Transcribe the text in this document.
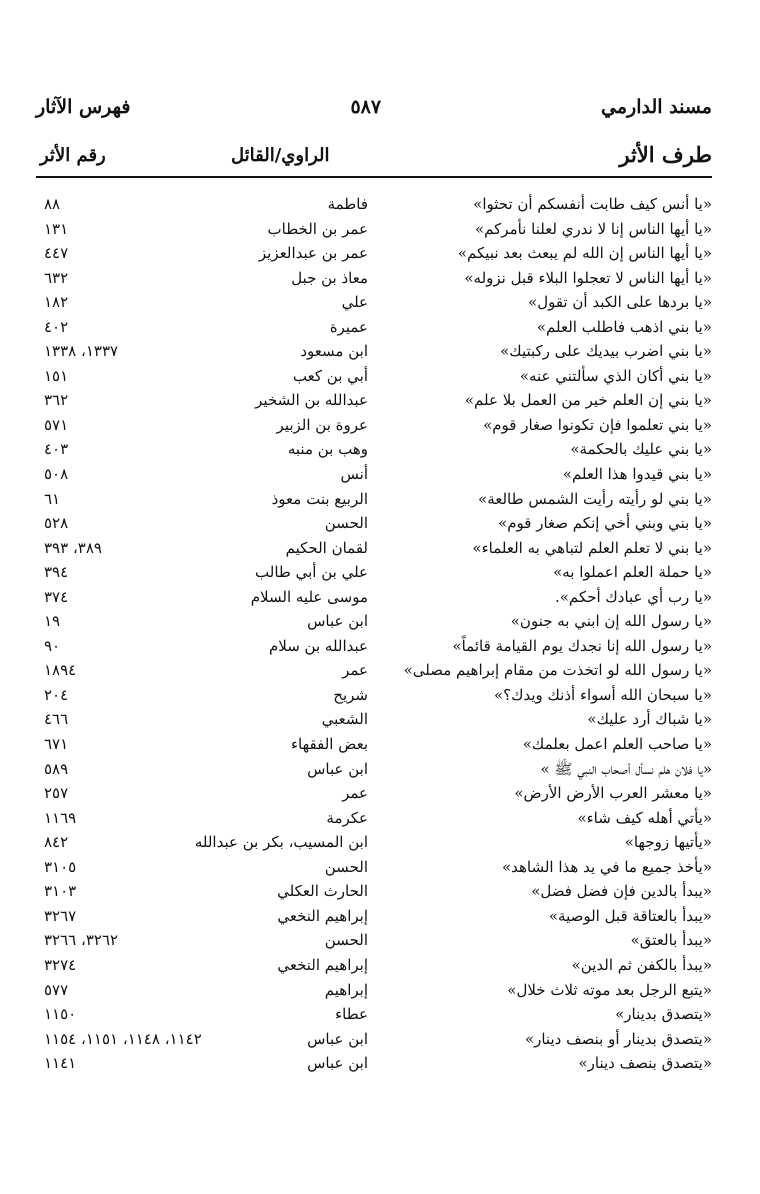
فهرس الآثار	٥٨٧	مسند الدارمي
طرف الأثر
الراوي/القائل
رقم الأثر
«يا أنس كيف طابت أنفسكم أن تحثوا»
فاطمة
٨٨
«يا أيها الناس إنا لا ندري لعلنا نأمركم»
عمر بن الخطاب
١٣١
«يا أيها الناس إن الله لم يبعث بعد نبيكم»
عمر بن عبدالعزيز
٤٤٧
«يا أيها الناس لا تعجلوا البلاء قبل نزوله»
معاذ بن جبل
٦٣٢
«يا بردها على الكبد أن تقول»
علي
١٨٢
«يا بني اذهب فاطلب العلم»
عميرة
٤٠٢
«يا بني اضرب بيديك على ركبتيك»
ابن مسعود
١٣٣٧، ١٣٣٨
«يا بني أكان الذي سألتني عنه»
أبي بن كعب
١٥١
«يا بني إن العلم خير من العمل بلا علم»
عبدالله بن الشخير
٣٦٢
«يا بني تعلموا فإن تكونوا صغار قوم»
عروة بن الزبير
٥٧١
«يا بني عليك بالحكمة»
وهب بن منبه
٤٠٣
«يا بني قيدوا هذا العلم»
أنس
٥٠٨
«يا بني لو رأيته رأيت الشمس طالعة»
الربيع بنت معوذ
٦١
«يا بني وبني أخي إنكم صغار قوم»
الحسن
٥٢٨
«يا بني لا تعلم العلم لتباهي به العلماء»
لقمان الحكيم
٣٨٩، ٣٩٣
«يا حملة العلم اعملوا به»
علي بن أبي طالب
٣٩٤
«يا رب أي عبادك أحكم».
موسى عليه السلام
٣٧٤
«يا رسول الله إن ابني به جنون»
ابن عباس
١٩
«يا رسول الله إنا نجدك يوم القيامة قائماً»
عبدالله بن سلام
٩٠
«يا رسول الله لو اتخذت من مقام إبراهيم مصلى»
عمر
١٨٩٤
«يا سبحان الله أسواء أذنك ويدك؟»
شريح
٢٠٤
«يا شباك أرد عليك»
الشعبي
٤٦٦
«يا صاحب العلم اعمل بعلمك»
بعض الفقهاء
٦٧١
«يا فلان هلم نسأل أصحاب النبي ﷺ »
ابن عباس
٥٨٩
«يا معشر العرب الأرض الأرض»
عمر
٢٥٧
«يأتي أهله كيف شاء»
عكرمة
١١٦٩
«يأتيها زوجها»
ابن المسيب، بكر بن عبدالله
٨٤٢
«يأخذ جميع ما في يد هذا الشاهد»
الحسن
٣١٠٥
«يبدأ بالدين فإن فضل فضل»
الحارث العكلي
٣١٠٣
«يبدأ بالعتاقة قبل الوصية»
إبراهيم النخعي
٣٢٦٧
«يبدأ بالعتق»
الحسن
٣٢٦٢، ٣٢٦٦
«يبدأ بالكفن ثم الدين»
إبراهيم النخعي
٣٢٧٤
«يتبع الرجل بعد موته ثلاث خلال»
إبراهيم
٥٧٧
«يتصدق بدينار»
عطاء
١١٥٠
«يتصدق بدينار أو بنصف دينار»
ابن عباس
١١٤٢، ١١٤٨، ١١٥١، ١١٥٤
«يتصدق بنصف دينار»
ابن عباس
١١٤١
